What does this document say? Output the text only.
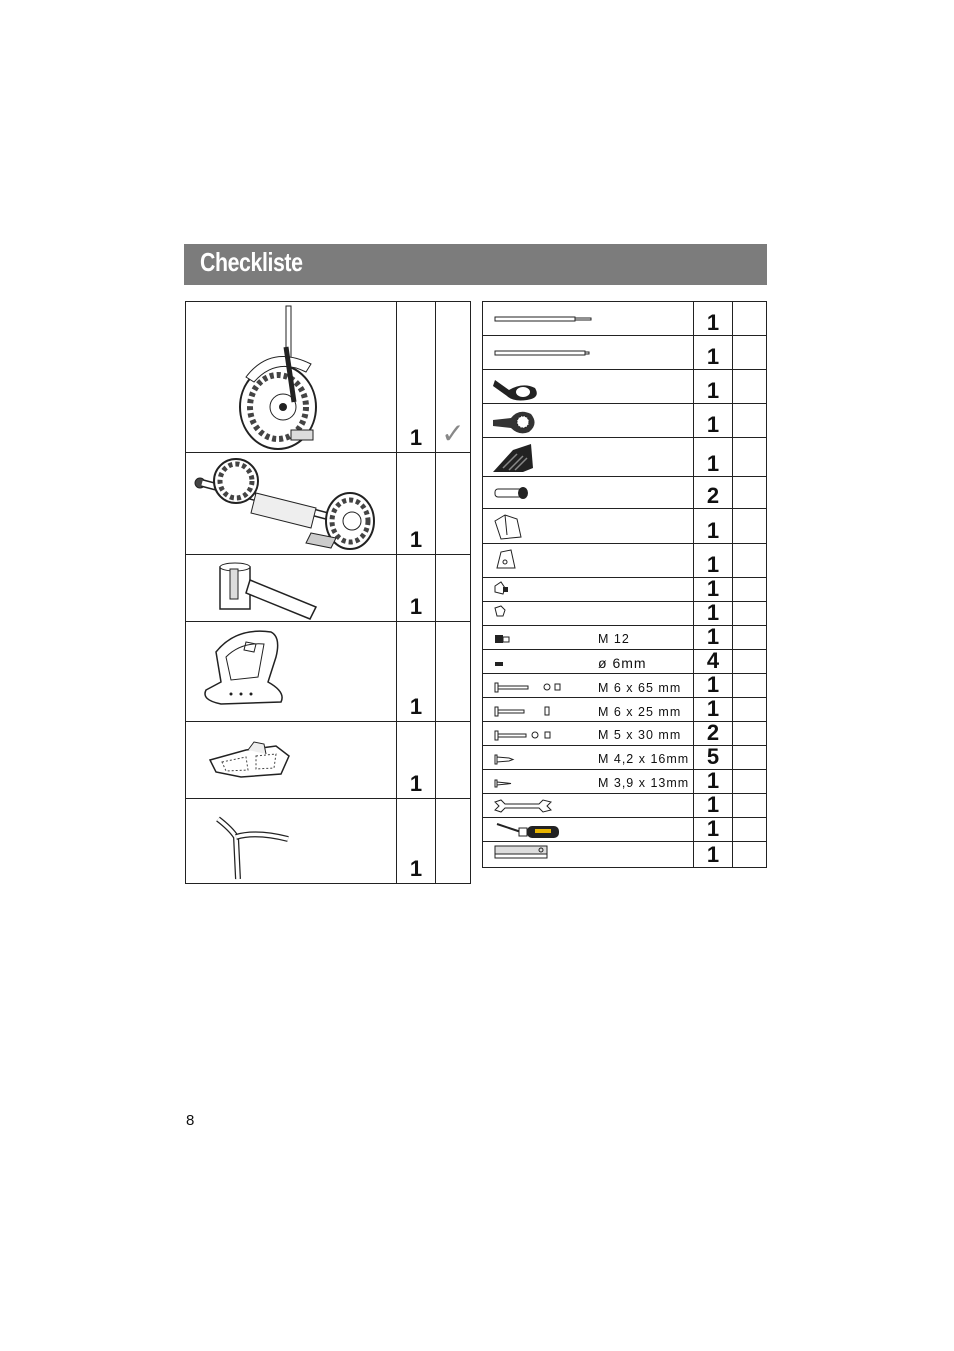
Checkliste
	1	✓

	1	

	1	

	1	

	1	

	1	
	1	

	1	

	1	

	1	

	1	

	2	

	1	

	1	

	1	

	1	

M 12	1	

ø 6mm	4	

M 6 x 65 mm	1	

M 6 x 25 mm	1	

M 5 x 30 mm	2	

M 4,2 x 16mm	5	

M 3,9 x 13mm	1	

	1	

	1	

	1	
8
